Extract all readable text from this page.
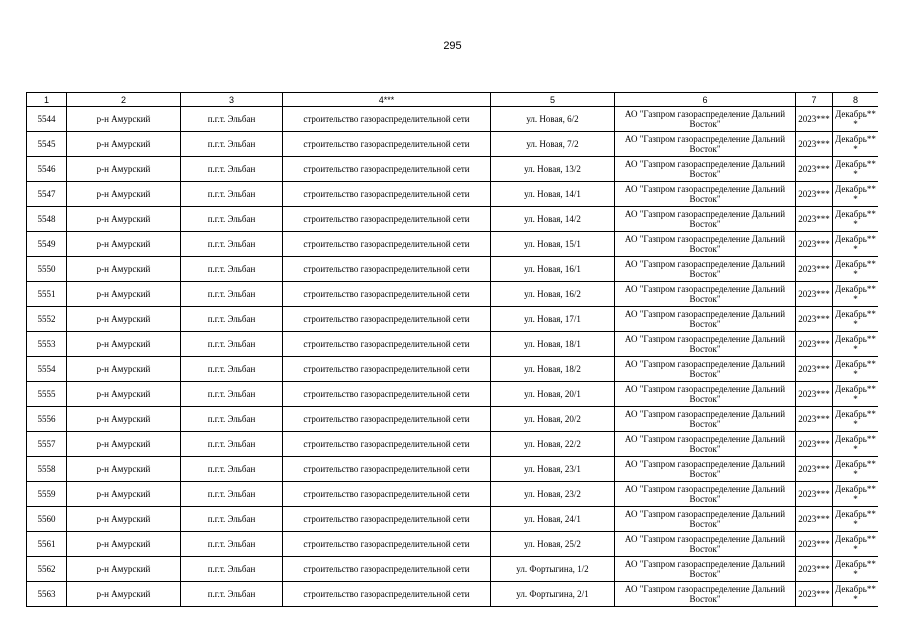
295
1	2	3	4***	5	6	7	8
5544	р-н Амурский	п.г.т. Эльбан	строительство газораспределительной сети	ул. Новая, 6/2	АО "Газпром газораспределение Дальний Восток"	2023***	Декабрь***
5545	р-н Амурский	п.г.т. Эльбан	строительство газораспределительной сети	ул. Новая, 7/2	АО "Газпром газораспределение Дальний Восток"	2023***	Декабрь***
5546	р-н Амурский	п.г.т. Эльбан	строительство газораспределительной сети	ул. Новая, 13/2	АО "Газпром газораспределение Дальний Восток"	2023***	Декабрь***
5547	р-н Амурский	п.г.т. Эльбан	строительство газораспределительной сети	ул. Новая, 14/1	АО "Газпром газораспределение Дальний Восток"	2023***	Декабрь***
5548	р-н Амурский	п.г.т. Эльбан	строительство газораспределительной сети	ул. Новая, 14/2	АО "Газпром газораспределение Дальний Восток"	2023***	Декабрь***
5549	р-н Амурский	п.г.т. Эльбан	строительство газораспределительной сети	ул. Новая, 15/1	АО "Газпром газораспределение Дальний Восток"	2023***	Декабрь***
5550	р-н Амурский	п.г.т. Эльбан	строительство газораспределительной сети	ул. Новая, 16/1	АО "Газпром газораспределение Дальний Восток"	2023***	Декабрь***
5551	р-н Амурский	п.г.т. Эльбан	строительство газораспределительной сети	ул. Новая, 16/2	АО "Газпром газораспределение Дальний Восток"	2023***	Декабрь***
5552	р-н Амурский	п.г.т. Эльбан	строительство газораспределительной сети	ул. Новая, 17/1	АО "Газпром газораспределение Дальний Восток"	2023***	Декабрь***
5553	р-н Амурский	п.г.т. Эльбан	строительство газораспределительной сети	ул. Новая, 18/1	АО "Газпром газораспределение Дальний Восток"	2023***	Декабрь***
5554	р-н Амурский	п.г.т. Эльбан	строительство газораспределительной сети	ул. Новая, 18/2	АО "Газпром газораспределение Дальний Восток"	2023***	Декабрь***
5555	р-н Амурский	п.г.т. Эльбан	строительство газораспределительной сети	ул. Новая, 20/1	АО "Газпром газораспределение Дальний Восток"	2023***	Декабрь***
5556	р-н Амурский	п.г.т. Эльбан	строительство газораспределительной сети	ул. Новая, 20/2	АО "Газпром газораспределение Дальний Восток"	2023***	Декабрь***
5557	р-н Амурский	п.г.т. Эльбан	строительство газораспределительной сети	ул. Новая, 22/2	АО "Газпром газораспределение Дальний Восток"	2023***	Декабрь***
5558	р-н Амурский	п.г.т. Эльбан	строительство газораспределительной сети	ул. Новая, 23/1	АО "Газпром газораспределение Дальний Восток"	2023***	Декабрь***
5559	р-н Амурский	п.г.т. Эльбан	строительство газораспределительной сети	ул. Новая, 23/2	АО "Газпром газораспределение Дальний Восток"	2023***	Декабрь***
5560	р-н Амурский	п.г.т. Эльбан	строительство газораспределительной сети	ул. Новая, 24/1	АО "Газпром газораспределение Дальний Восток"	2023***	Декабрь***
5561	р-н Амурский	п.г.т. Эльбан	строительство газораспределительной сети	ул. Новая, 25/2	АО "Газпром газораспределение Дальний Восток"	2023***	Декабрь***
5562	р-н Амурский	п.г.т. Эльбан	строительство газораспределительной сети	ул. Фортыгина, 1/2	АО "Газпром газораспределение Дальний Восток"	2023***	Декабрь***
5563	р-н Амурский	п.г.т. Эльбан	строительство газораспределительной сети	ул. Фортыгина, 2/1	АО "Газпром газораспределение Дальний Восток"	2023***	Декабрь***
